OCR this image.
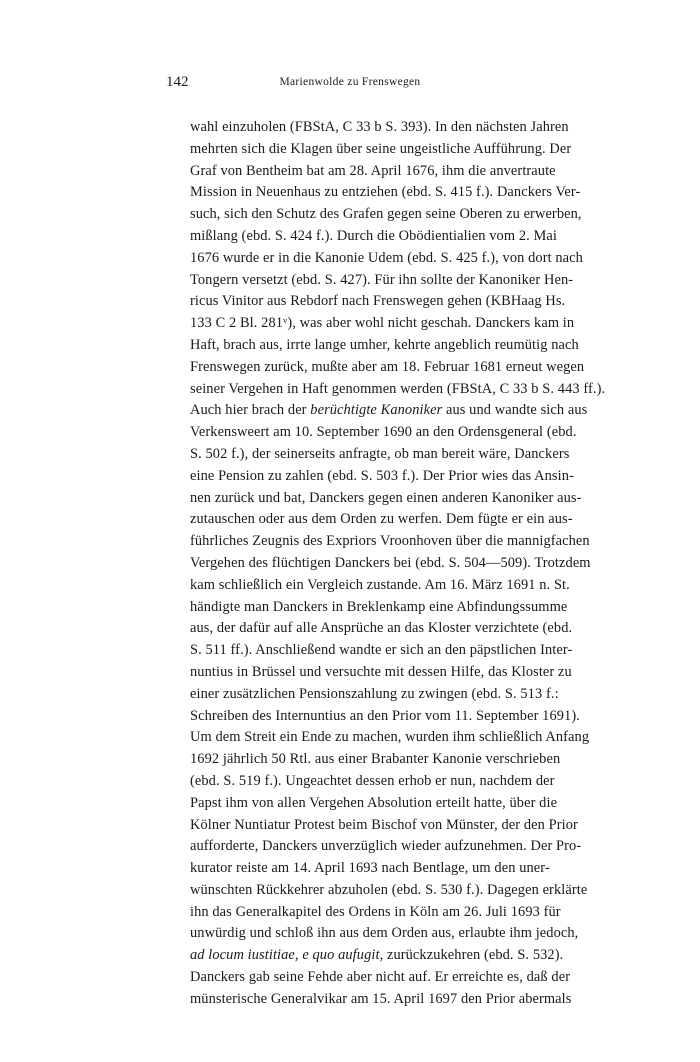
142	Marienwolde zu Frenswegen
wahl einzuholen (FBStA, C 33 b S. 393). In den nächsten Jahren
mehrten sich die Klagen über seine ungeistliche Aufführung. Der
Graf von Bentheim bat am 28. April 1676, ihm die anvertraute
Mission in Neuenhaus zu entziehen (ebd. S. 415 f.). Danckers Ver-
such, sich den Schutz des Grafen gegen seine Oberen zu erwerben,
mißlang (ebd. S. 424 f.). Durch die Obödientialien vom 2. Mai
1676 wurde er in die Kanonie Udem (ebd. S. 425 f.), von dort nach
Tongern versetzt (ebd. S. 427). Für ihn sollte der Kanoniker Hen-
ricus Vinitor aus Rebdorf nach Frenswegen gehen (KBHaag Hs.
133 C 2 Bl. 281ᵛ), was aber wohl nicht geschah. Danckers kam in
Haft, brach aus, irrte lange umher, kehrte angeblich reumütig nach
Frenswegen zurück, mußte aber am 18. Februar 1681 erneut wegen
seiner Vergehen in Haft genommen werden (FBStA, C 33 b S. 443 ff.).
Auch hier brach der berüchtigte Kanoniker aus und wandte sich aus
Verkensweert am 10. September 1690 an den Ordensgeneral (ebd.
S. 502 f.), der seinerseits anfragte, ob man bereit wäre, Danckers
eine Pension zu zahlen (ebd. S. 503 f.). Der Prior wies das Ansin-
nen zurück und bat, Danckers gegen einen anderen Kanoniker aus-
zutauschen oder aus dem Orden zu werfen. Dem fügte er ein aus-
führliches Zeugnis des Expriors Vroonhoven über die mannigfachen
Vergehen des flüchtigen Danckers bei (ebd. S. 504—509). Trotzdem
kam schließlich ein Vergleich zustande. Am 16. März 1691 n. St.
händigte man Danckers in Breklenkamp eine Abfindungssumme
aus, der dafür auf alle Ansprüche an das Kloster verzichtete (ebd.
S. 511 ff.). Anschließend wandte er sich an den päpstlichen Inter-
nuntius in Brüssel und versuchte mit dessen Hilfe, das Kloster zu
einer zusätzlichen Pensionszahlung zu zwingen (ebd. S. 513 f.:
Schreiben des Internuntius an den Prior vom 11. September 1691).
Um dem Streit ein Ende zu machen, wurden ihm schließlich Anfang
1692 jährlich 50 Rtl. aus einer Brabanter Kanonie verschrieben
(ebd. S. 519 f.). Ungeachtet dessen erhob er nun, nachdem der
Papst ihm von allen Vergehen Absolution erteilt hatte, über die
Kölner Nuntiatur Protest beim Bischof von Münster, der den Prior
aufforderte, Danckers unverzüglich wieder aufzunehmen. Der Pro-
kurator reiste am 14. April 1693 nach Bentlage, um den uner-
wünschten Rückkehrer abzuholen (ebd. S. 530 f.). Dagegen erklärte
ihn das Generalkapitel des Ordens in Köln am 26. Juli 1693 für
unwürdig und schloß ihn aus dem Orden aus, erlaubte ihm jedoch,
ad locum iustitiae, e quo aufugit, zurückzukehren (ebd. S. 532).
Danckers gab seine Fehde aber nicht auf. Er erreichte es, daß der
münsterische Generalvikar am 15. April 1697 den Prior abermals
